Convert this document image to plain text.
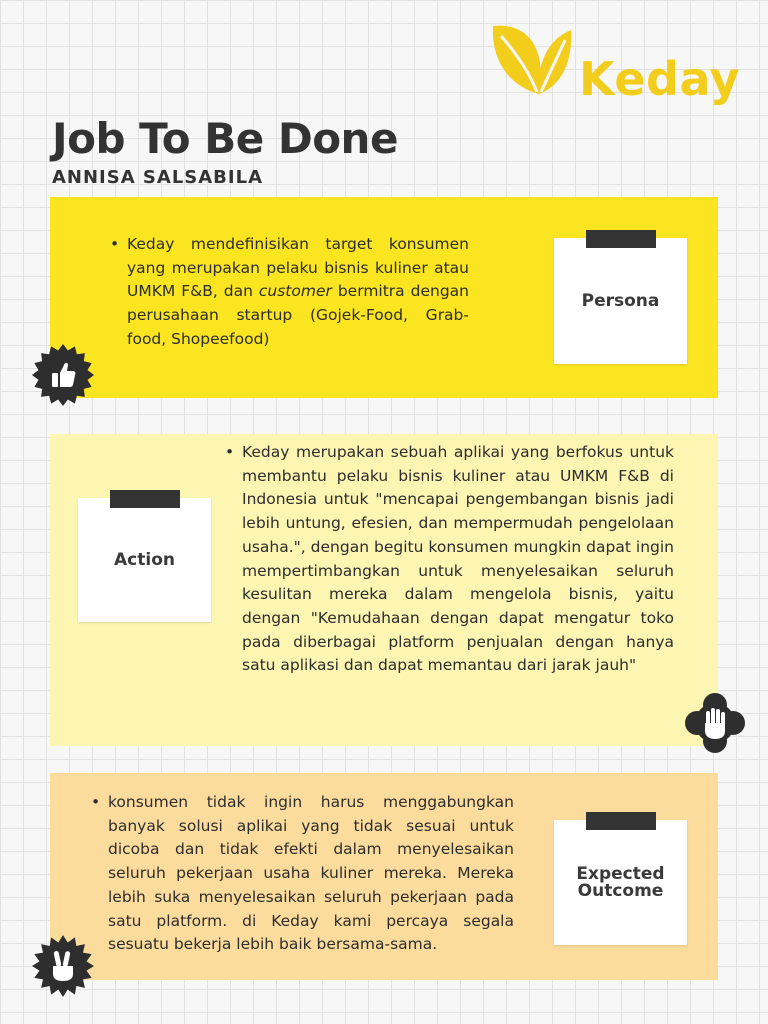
Keday
Job To Be Done
ANNISA SALSABILA
• Keday mendefinisikan target konsumen yang merupakan pelaku bisnis kuliner atau UMKM F&B, dan customer bermitra dengan perusahaan startup (Gojek-Food, Grab-food, Shopeefood)
Persona
Action
• Keday merupakan sebuah aplikai yang berfokus untuk membantu pelaku bisnis kuliner atau UMKM F&B di Indonesia untuk "mencapai pengembangan bisnis jadi lebih untung, efesien, dan mempermudah pengelolaan usaha.", dengan begitu konsumen mungkin dapat ingin mempertimbangkan untuk menyelesaikan seluruh kesulitan mereka dalam mengelola bisnis, yaitu dengan "Kemudahaan dengan dapat mengatur toko pada diberbagai platform penjualan dengan hanya satu aplikasi dan dapat memantau dari jarak jauh"
• konsumen tidak ingin harus menggabungkan banyak solusi aplikai yang tidak sesuai untuk dicoba dan tidak efekti dalam menyelesaikan seluruh pekerjaan usaha kuliner mereka. Mereka lebih suka menyelesaikan seluruh pekerjaan pada satu platform. di Keday kami percaya segala sesuatu bekerja lebih baik bersama-sama.
Expected
Outcome
